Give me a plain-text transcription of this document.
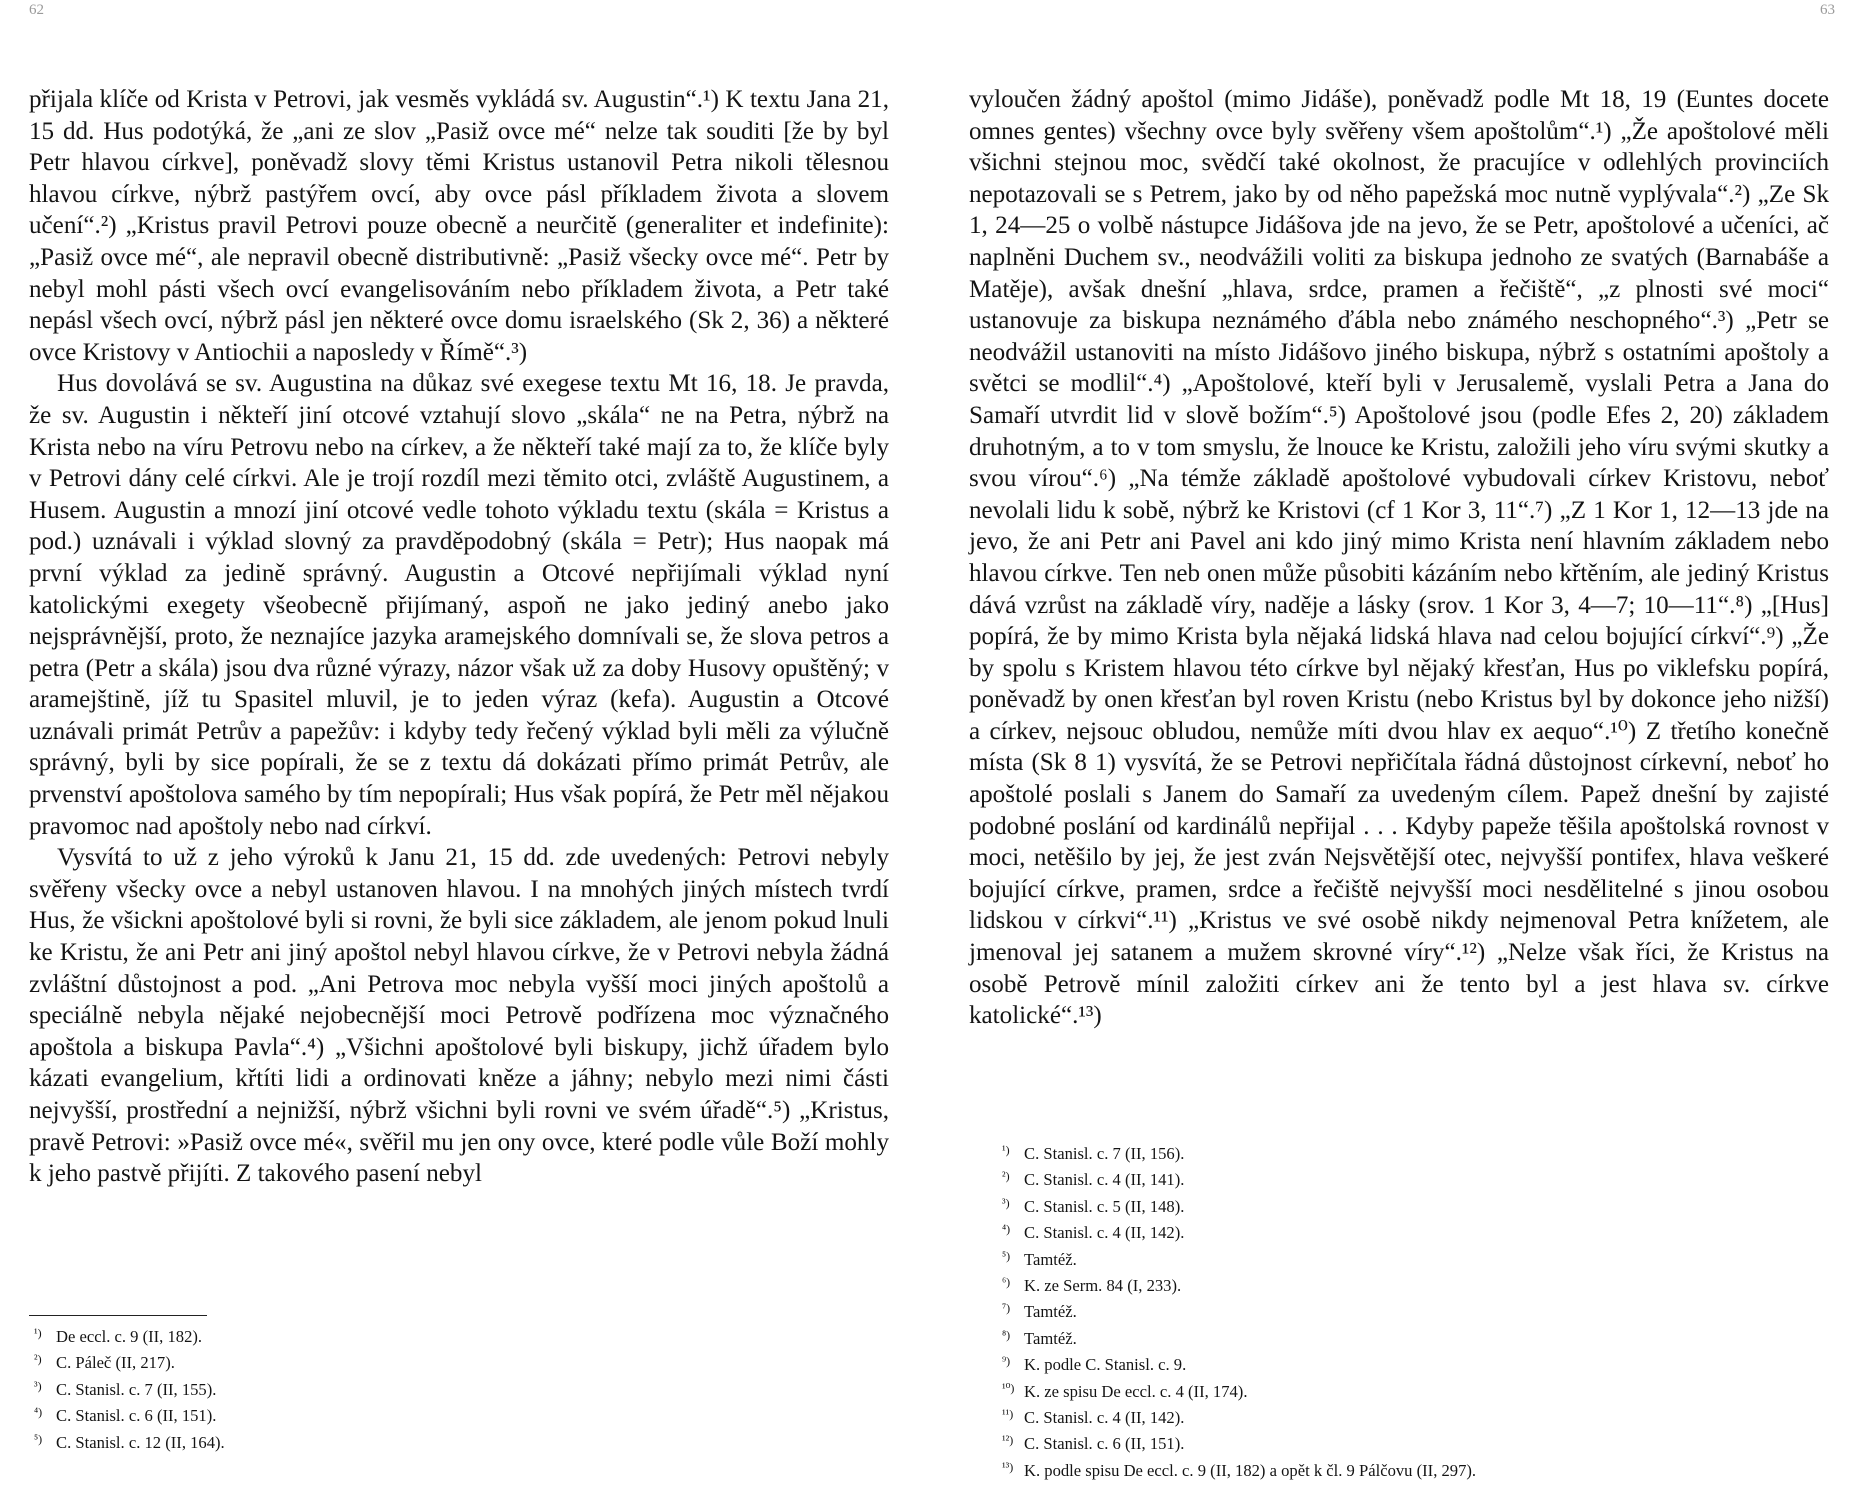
62	63

přijala klíče od Krista v Petrovi, jak vesměs vykládá sv. Augustin“.¹) K textu Jana 21, 15 dd. Hus podotýká, že „ani ze slov „Pasiž ovce mé“ nelze tak souditi [že by byl Petr hlavou církve], poněvadž slovy těmi Kristus ustanovil Petra nikoli tělesnou hlavou církve, nýbrž pastýřem ovcí, aby ovce pásl příkladem života a slovem učení“.²) „Kristus pravil Petrovi pouze obecně a neurčitě (generaliter et indefinite): „Pasiž ovce mé“, ale nepravil obecně distributivně: „Pasiž všecky ovce mé“. Petr by nebyl mohl pásti všech ovcí evangelisováním nebo příkladem života, a Petr také nepásl všech ovcí, nýbrž pásl jen některé ovce domu israelského (Sk 2, 36) a některé ovce Kristovy v Antiochii a naposledy v Římě“.³)

Hus dovolává se sv. Augustina na důkaz své exegese textu Mt 16, 18. Je pravda, že sv. Augustin i někteří jiní otcové vztahují slovo „skála“ ne na Petra, nýbrž na Krista nebo na víru Petrovu nebo na církev, a že někteří také mají za to, že klíče byly v Petrovi dány celé církvi. Ale je trojí rozdíl mezi těmito otci, zvláště Augustinem, a Husem. Augustin a mnozí jiní otcové vedle tohoto výkladu textu (skála = Kristus a pod.) uznávali i výklad slovný za pravděpodobný (skála = Petr); Hus naopak má první výklad za jedině správný. Augustin a Otcové nepřijímali výklad nyní katolickými exegety všeobecně přijímaný, aspoň ne jako jediný anebo jako nejsprávnější, proto, že neznajíce jazyka aramejského domnívali se, že slova petros a petra (Petr a skála) jsou dva různé výrazy, názor však už za doby Husovy opuštěný; v aramejštině, jíž tu Spasitel mluvil, je to jeden výraz (kefa). Augustin a Otcové uznávali primát Petrův a papežův: i kdyby tedy řečený výklad byli měli za výlučně správný, byli by sice popírali, že se z textu dá dokázati přímo primát Petrův, ale prvenství apoštolova samého by tím nepopírali; Hus však popírá, že Petr měl nějakou pravomoc nad apoštoly nebo nad církví.

Vysvítá to už z jeho výroků k Janu 21, 15 dd. zde uvedených: Petrovi nebyly svěřeny všecky ovce a nebyl ustanoven hlavou. I na mnohých jiných místech tvrdí Hus, že všickni apoštolové byli si rovni, že byli sice základem, ale jenom pokud lnuli ke Kristu, že ani Petr ani jiný apoštol nebyl hlavou církve, že v Petrovi nebyla žádná zvláštní důstojnost a pod. „Ani Petrova moc nebyla vyšší moci jiných apoštolů a speciálně nebyla nějaké nejobecnější moci Petrově podřízena moc význačného apoštola a biskupa Pavla“.⁴) „Všichni apoštolové byli biskupy, jichž úřadem bylo kázati evangelium, křtíti lidi a ordinovati kněze a jáhny; nebylo mezi nimi části nejvyšší, prostřední a nejnižší, nýbrž všichni byli rovni ve svém úřadě“.⁵) „Kristus, pravě Petrovi: »Pasiž ovce mé«, svěřil mu jen ony ovce, které podle vůle Boží mohly k jeho pastvě přijíti. Z takového pasení nebyl

vyloučen žádný apoštol (mimo Jidáše), poněvadž podle Mt 18, 19 (Euntes docete omnes gentes) všechny ovce byly svěřeny všem apoštolům“.¹) „Že apoštolové měli všichni stejnou moc, svědčí také okolnost, že pracujíce v odlehlých provinciích nepotazovali se s Petrem, jako by od něho papežská moc nutně vyplývala“.²) „Ze Sk 1, 24—25 o volbě nástupce Jidášova jde na jevo, že se Petr, apoštolové a učeníci, ač naplněni Duchem sv., neodvážili voliti za biskupa jednoho ze svatých (Barnabáše a Matěje), avšak dnešní „hlava, srdce, pramen a řečiště“, „z plnosti své moci“ ustanovuje za biskupa neznámého ďábla nebo známého neschopného“.³) „Petr se neodvážil ustanoviti na místo Jidášovo jiného biskupa, nýbrž s ostatními apoštoly a světci se modlil“.⁴) „Apoštolové, kteří byli v Jerusalemě, vyslali Petra a Jana do Samaří utvrdit lid v slově božím“.⁵) Apoštolové jsou (podle Efes 2, 20) základem druhotným, a to v tom smyslu, že lnouce ke Kristu, založili jeho víru svými skutky a svou vírou“.⁶) „Na témže základě apoštolové vybudovali církev Kristovu, neboť nevolali lidu k sobě, nýbrž ke Kristovi (cf 1 Kor 3, 11“.⁷) „Z 1 Kor 1, 12—13 jde na jevo, že ani Petr ani Pavel ani kdo jiný mimo Krista není hlavním základem nebo hlavou církve. Ten neb onen může působiti kázáním nebo křtěním, ale jediný Kristus dává vzrůst na základě víry, naděje a lásky (srov. 1 Kor 3, 4—7; 10—11“.⁸) „[Hus] popírá, že by mimo Krista byla nějaká lidská hlava nad celou bojující církví“.⁹) „Že by spolu s Kristem hlavou této církve byl nějaký křesťan, Hus po viklefsku popírá, poněvadž by onen křesťan byl roven Kristu (nebo Kristus byl by dokonce jeho nižší) a církev, nejsouc obludou, nemůže míti dvou hlav ex aequo“.¹⁰) Z třetího konečně místa (Sk 8 1) vysvítá, že se Petrovi nepřičítala řádná důstojnost církevní, neboť ho apoštolé poslali s Janem do Samaří za uvedeným cílem. Papež dnešní by zajisté podobné poslání od kardinálů nepřijal . . . Kdyby papeže těšila apoštolská rovnost v moci, netěšilo by jej, že jest zván Nejsvětější otec, nejvyšší pontifex, hlava veškeré bojující církve, pramen, srdce a řečiště nejvyšší moci nesdělitelné s jinou osobou lidskou v církvi“.¹¹) „Kristus ve své osobě nikdy nejmenoval Petra knížetem, ale jmenoval jej satanem a mužem skrovné víry“.¹²) „Nelze však říci, že Kristus na osobě Petrově mínil založiti církev ani že tento byl a jest hlava sv. církve katolické“.¹³)

¹) De eccl. c. 9 (II, 182).
²) C. Páleč (II, 217).
³) C. Stanisl. c. 7 (II, 155).
⁴) C. Stanisl. c. 6 (II, 151).
⁵) C. Stanisl. c. 12 (II, 164).
¹) C. Stanisl. c. 7 (II, 156).
²) C. Stanisl. c. 4 (II, 141).
³) C. Stanisl. c. 5 (II, 148).
⁴) C. Stanisl. c. 4 (II, 142).
⁵) Tamtéž.
⁶) K. ze Serm. 84 (I, 233).
⁷) Tamtéž.
⁸) Tamtéž.
⁹) K. podle C. Stanisl. c. 9.
¹⁰) K. ze spisu De eccl. c. 4 (II, 174).
¹¹) C. Stanisl. c. 4 (II, 142).
¹²) C. Stanisl. c. 6 (II, 151).
¹³) K. podle spisu De eccl. c. 9 (II, 182) a opět k čl. 9 Pálčovu (II, 297).
